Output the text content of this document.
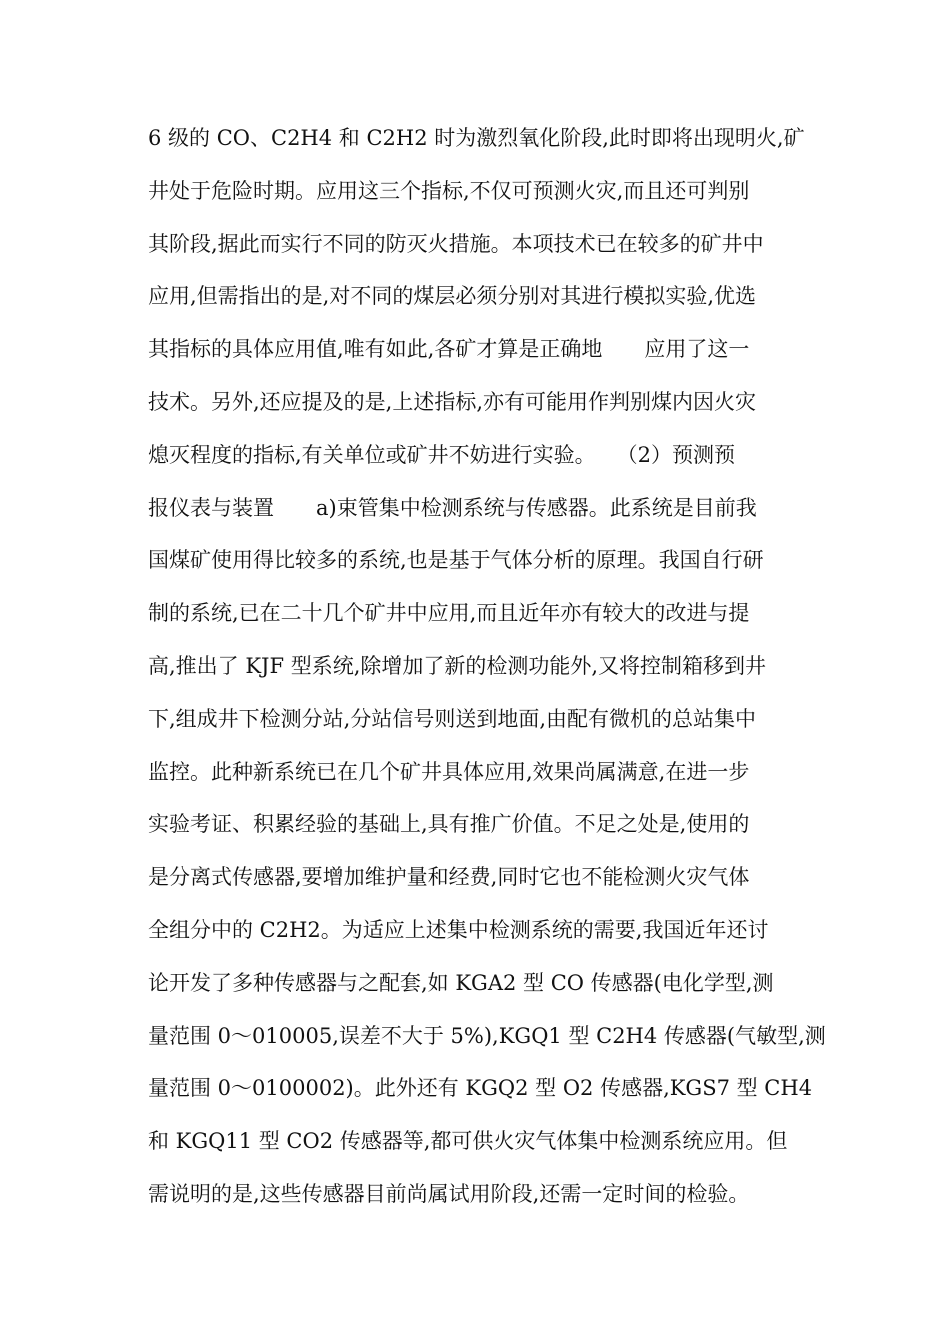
6 级的 CO、C2H4 和 C2H2 时为激烈氧化阶段,此时即将出现明火,矿
井处于危险时期。应用这三个指标,不仅可预测火灾,而且还可判别
其阶段,据此而实行不同的防灭火措施。本项技术已在较多的矿井中
应用,但需指出的是,对不同的煤层必须分别对其进行模拟实验,优选
其指标的具体应用值,唯有如此,各矿才算是正确地　　应用了这一
技术。另外,还应提及的是,上述指标,亦有可能用作判别煤内因火灾
熄灭程度的指标,有关单位或矿井不妨进行实验。　　（2）预测预
报仪表与装置　　a)束管集中检测系统与传感器。此系统是目前我
国煤矿使用得比较多的系统,也是基于气体分析的原理。我国自行研
制的系统,已在二十几个矿井中应用,而且近年亦有较大的改进与提
高,推出了 KJF 型系统,除增加了新的检测功能外,又将控制箱移到井
下,组成井下检测分站,分站信号则送到地面,由配有微机的总站集中
监控。此种新系统已在几个矿井具体应用,效果尚属满意,在进一步
实验考证、积累经验的基础上,具有推广价值。不足之处是,使用的
是分离式传感器,要增加维护量和经费,同时它也不能检测火灾气体
全组分中的 C2H2。为适应上述集中检测系统的需要,我国近年还讨
论开发了多种传感器与之配套,如 KGA2 型 CO 传感器(电化学型,测
量范围 0～010005,误差不大于 5%),KGQ1 型 C2H4 传感器(气敏型,测
量范围 0～0100002)。此外还有 KGQ2 型 O2 传感器,KGS7 型 CH4
和 KGQ11 型 CO2 传感器等,都可供火灾气体集中检测系统应用。但
需说明的是,这些传感器目前尚属试用阶段,还需一定时间的检验。
